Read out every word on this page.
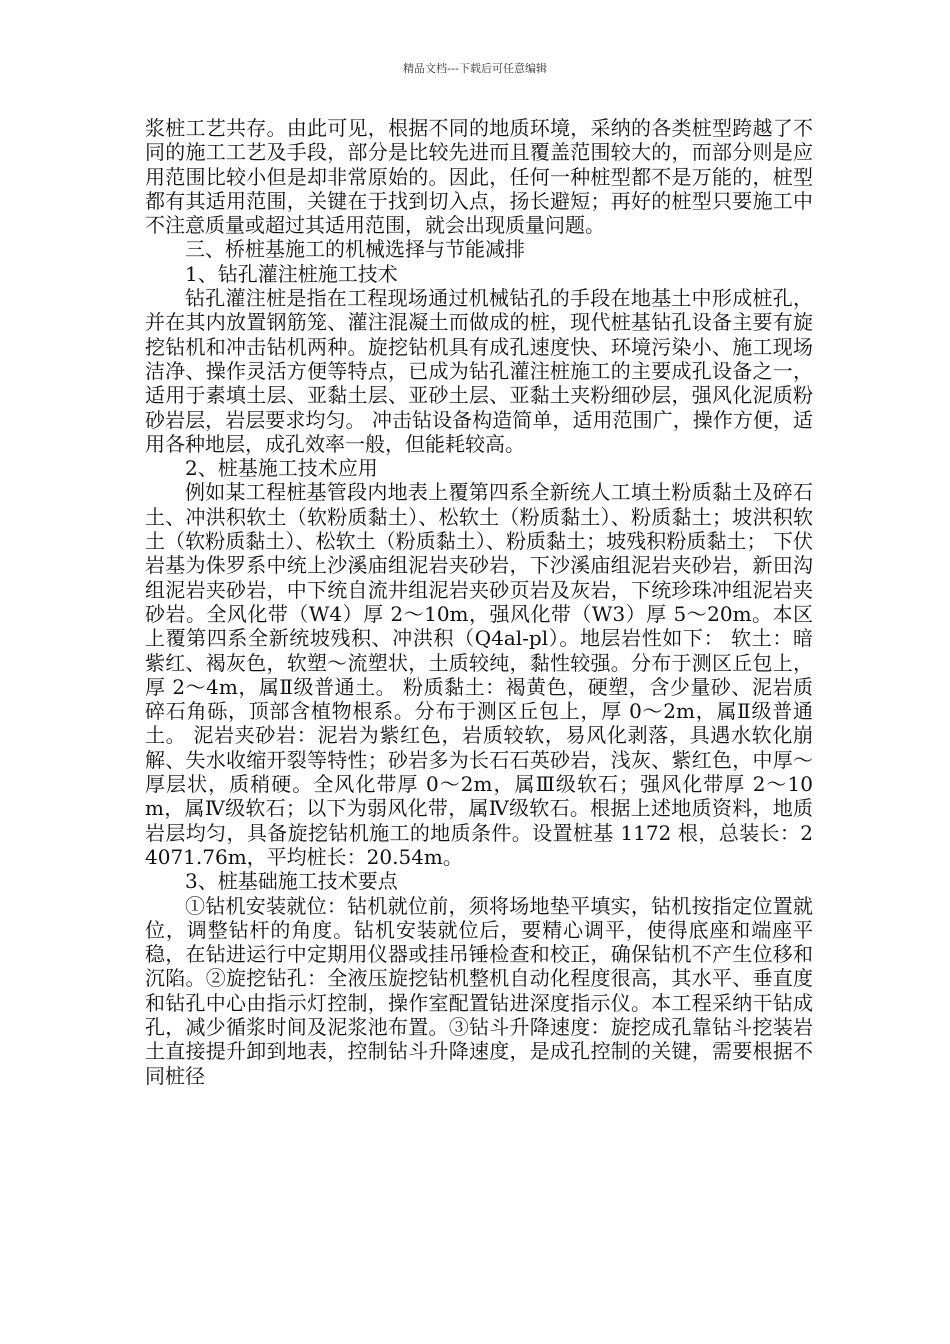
精品文档---下载后可任意编辑

浆桩工艺共存。由此可见，根据不同的地质环境，采纳的各类桩型跨越了不同的施工工艺及手段，部分是比较先进而且覆盖范围较大的，而部分则是应用范围比较小但是却非常原始的。因此，任何一种桩型都不是万能的，桩型都有其适用范围，关键在于找到切入点，扬长避短；再好的桩型只要施工中不注意质量或超过其适用范围，就会出现质量问题。

三、桥桩基施工的机械选择与节能减排

1、钻孔灌注桩施工技术

钻孔灌注桩是指在工程现场通过机械钻孔的手段在地基土中形成桩孔，并在其内放置钢筋笼、灌注混凝土而做成的桩，现代桩基钻孔设备主要有旋挖钻机和冲击钻机两种。旋挖钻机具有成孔速度快、环境污染小、施工现场洁净、操作灵活方便等特点，已成为钻孔灌注桩施工的主要成孔设备之一，适用于素填土层、亚黏土层、亚砂土层、亚黏土夹粉细砂层，强风化泥质粉砂岩层，岩层要求均匀。 冲击钻设备构造简单，适用范围广，操作方便，适用各种地层，成孔效率一般，但能耗较高。

2、桩基施工技术应用

例如某工程桩基管段内地表上覆第四系全新统人工填土粉质黏土及碎石土、冲洪积软土（软粉质黏土）、松软土（粉质黏土）、粉质黏土；坡洪积软土（软粉质黏土）、松软土（粉质黏土）、粉质黏土；坡残积粉质黏土； 下伏岩基为侏罗系中统上沙溪庙组泥岩夹砂岩，下沙溪庙组泥岩夹砂岩，新田沟组泥岩夹砂岩，中下统自流井组泥岩夹砂页岩及灰岩，下统珍珠冲组泥岩夹砂岩。全风化带（W4）厚 2～10m，强风化带（W3）厚 5～20m。本区上覆第四系全新统坡残积、冲洪积（Q4al-pl）。地层岩性如下： 软土：暗紫红、褐灰色，软塑～流塑状，土质较纯，黏性较强。分布于测区丘包上，厚 2～4m，属Ⅱ级普通土。 粉质黏土：褐黄色，硬塑，含少量砂、泥岩质碎石角砾，顶部含植物根系。分布于测区丘包上，厚 0～2m，属Ⅱ级普通土。 泥岩夹砂岩：泥岩为紫红色，岩质较软，易风化剥落，具遇水软化崩解、失水收缩开裂等特性；砂岩多为长石石英砂岩，浅灰、紫红色，中厚～厚层状，质稍硬。全风化带厚 0～2m，属Ⅲ级软石；强风化带厚 2～10m，属Ⅳ级软石；以下为弱风化带，属Ⅳ级软石。根据上述地质资料，地质岩层均匀，具备旋挖钻机施工的地质条件。设置桩基 1172 根，总装长：24071.76m，平均桩长：20.54m。

3、桩基础施工技术要点

①钻机安装就位：钻机就位前，须将场地垫平填实，钻机按指定位置就位，调整钻杆的角度。钻机安装就位后，要精心调平，使得底座和端座平稳，在钻进运行中定期用仪器或挂吊锤检查和校正，确保钻机不产生位移和沉陷。②旋挖钻孔：全液压旋挖钻机整机自动化程度很高，其水平、垂直度和钻孔中心由指示灯控制，操作室配置钻进深度指示仪。本工程采纳干钻成孔，减少循浆时间及泥浆池布置。③钻斗升降速度：旋挖成孔靠钻斗挖装岩土直接提升卸到地表，控制钻斗升降速度，是成孔控制的关键，需要根据不同桩径
